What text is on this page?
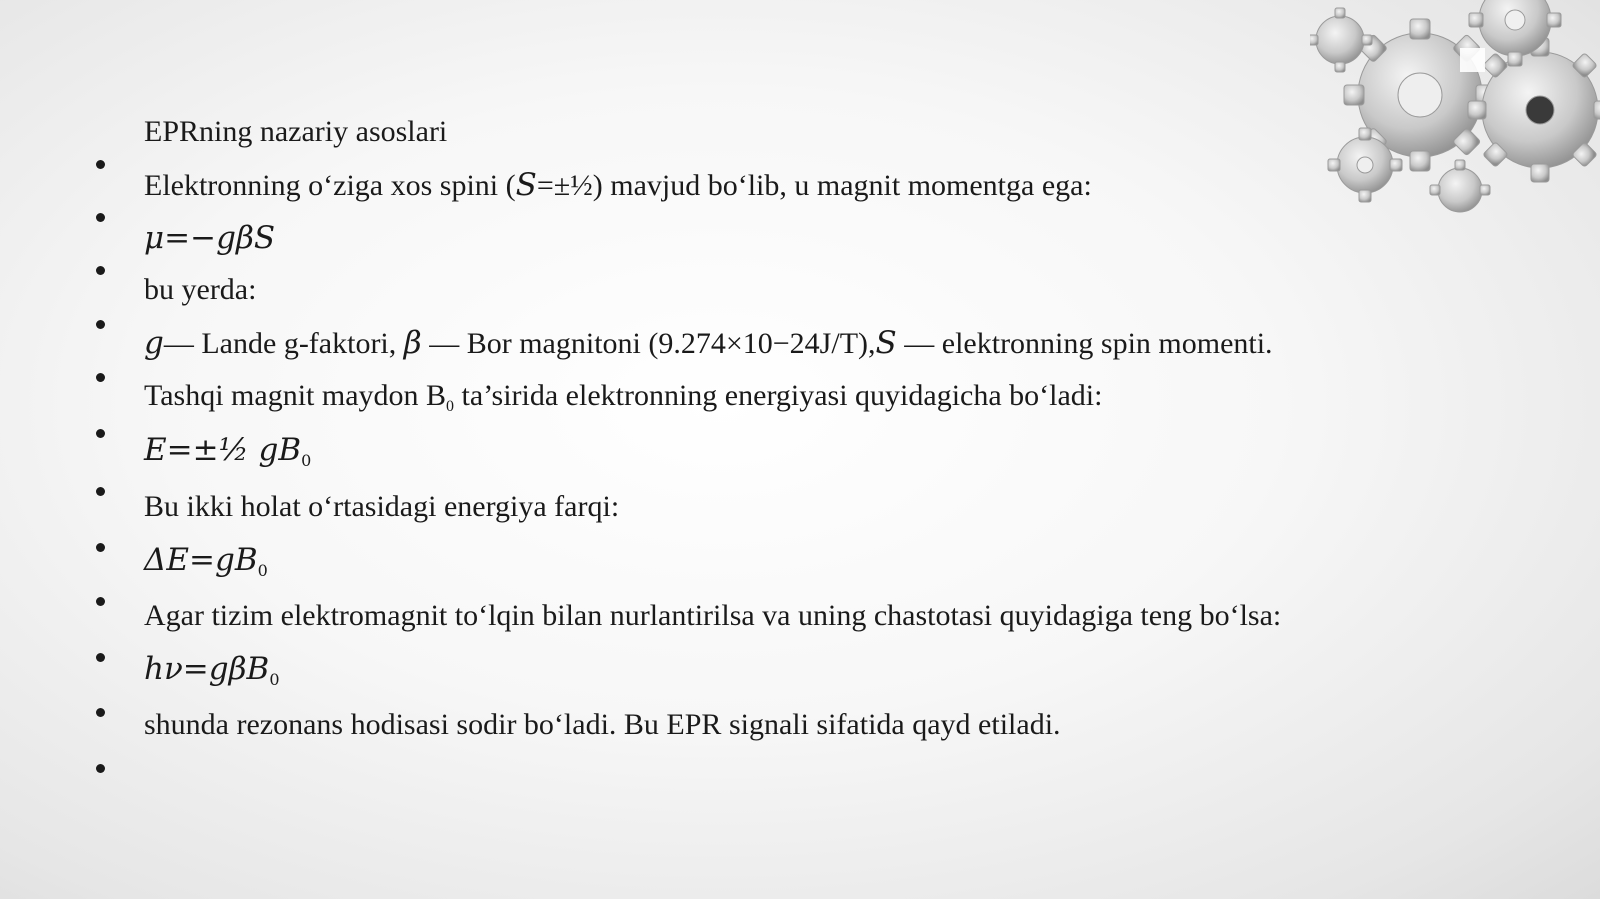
EPRning nazariy asoslari
Elektronning o‘ziga xos spini (S=±½) mavjud bo‘lib, u magnit momentga ega:
μ=−gβS
bu yerda:
g— Lande g-faktori, β — Bor magnitoni (9.274×10−24J/T),S — elektronning spin momenti.
Tashqi magnit maydon $B_0$ ta’sirida elektronning energiyasi quyidagicha bo‘ladi:
E=±½ $gB_0$
Bu ikki holat o‘rtasidagi energiya farqi:
$\Delta E=gB_0$
Agar tizim elektromagnit to‘lqin bilan nurlantirilsa va uning chastotasi quyidagiga teng bo‘lsa:
hν=gβB$_0$
shunda rezonans hodisasi sodir bo‘ladi. Bu EPR signali sifatida qayd etiladi.
